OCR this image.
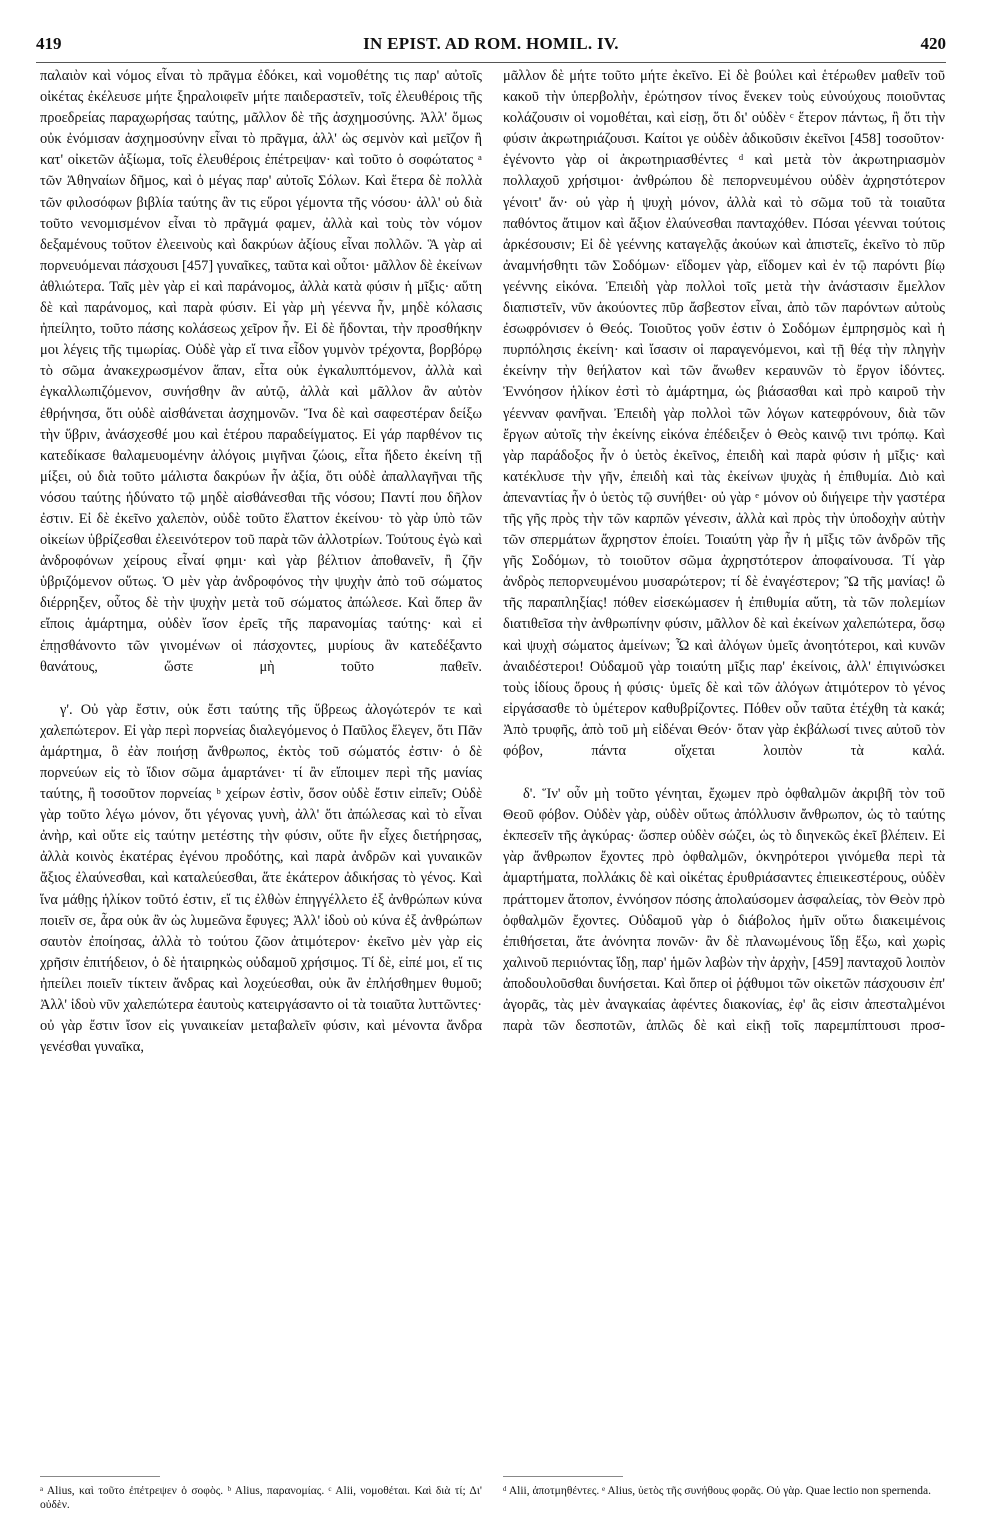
419	IN EPIST. AD ROM. HOMIL. IV.	420

παλαιὸν καὶ νόμος εἶναι τὸ πρᾶγμα ἐδόκει, καὶ νομοθέτης τις παρ' αὐτοῖς οἰκέτας ἐκέλευσε μήτε ξηραλοιφεῖν μήτε παιδεραστεῖν, τοῖς ἐλευθέροις τῆς προεδρείας παραχωρήσας ταύτης, μᾶλλον δὲ τῆς ἀσχημοσύνης. Ἀλλ' ὅμως οὐκ ἐνόμισαν ἀσχημοσύνην εἶναι τὸ πρᾶγμα, ἀλλ' ὡς σεμνὸν καὶ μεῖζον ἢ κατ' οἰκετῶν ἀξίωμα, τοῖς ἐλευθέροις ἐπέτρεψαν· καὶ τοῦτο ὁ σοφώτατος ᵃ τῶν Ἀθηναίων δῆμος, καὶ ὁ μέγας παρ' αὐτοῖς Σόλων. Καὶ ἕτερα δὲ πολλὰ τῶν φιλοσόφων βιβλία ταύτης ἂν τις εὕροι γέμοντα τῆς νόσου· ἀλλ' οὐ διὰ τοῦτο νενομισμένον εἶναι τὸ πρᾶγμά φαμεν, ἀλλὰ καὶ τοὺς τὸν νόμον δεξαμένους τοῦτον ἐλεεινοὺς καὶ δακρύων ἀξίους εἶναι πολλῶν. Ἃ γὰρ αἱ πορνευόμεναι πάσχουσι [457] γυναῖκες, ταῦτα καὶ οὗτοι· μᾶλλον δὲ ἐκείνων ἀθλιώτερα. Ταῖς μὲν γὰρ εἰ καὶ παράνομος, ἀλλὰ κατὰ φύσιν ἡ μῖξις· αὕτη δὲ καὶ παράνομος, καὶ παρὰ φύσιν. Εἰ γὰρ μὴ γέεννα ἦν, μηδὲ κόλασις ἠπείλητο, τοῦτο πάσης κολάσεως χεῖρον ἦν. Εἰ δὲ ἥδονται, τὴν προσθήκην μοι λέγεις τῆς τιμωρίας. Οὐδὲ γὰρ εἴ τινα εἶδον γυμνὸν τρέχοντα, βορβόρῳ τὸ σῶμα ἀνακεχρωσμένον ἅπαν, εἶτα οὐκ ἐγκαλυπτόμενον, ἀλλὰ καὶ ἐγκαλλωπιζόμενον, συνήσθην ἂν αὐτῷ, ἀλλὰ καὶ μᾶλλον ἂν αὐτὸν ἐθρήνησα, ὅτι οὐδὲ αἰσθάνεται ἀσχημονῶν. Ἵνα δὲ καὶ σαφεστέραν δείξω τὴν ὕβριν, ἀνάσχεσθέ μου καὶ ἑτέρου παραδείγματος. Εἰ γάρ παρθένον τις κατεδίκασε θαλαμευομένην ἀλόγοις μιγῆναι ζώοις, εἶτα ἥδετο ἐκείνη τῇ μίξει, οὐ διὰ τοῦτο μάλιστα δακρύων ἦν ἀξία, ὅτι οὐδὲ ἀπαλλαγῆναι τῆς νόσου ταύτης ἠδύνατο τῷ μηδὲ αἰσθάνεσθαι τῆς νόσου; Παντί που δῆλον ἐστιν. Εἰ δὲ ἐκεῖνο χαλεπὸν, οὐδὲ τοῦτο ἔλαττον ἐκείνου· τὸ γὰρ ὑπὸ τῶν οἰκείων ὑβρίζεσθαι ἐλεεινότερον τοῦ παρὰ τῶν ἀλλοτρίων. Τούτους ἐγὼ καὶ ἀνδροφόνων χείρους εἶναί φημι· καὶ γὰρ βέλτιον ἀποθανεῖν, ἢ ζῆν ὑβριζόμενον οὕτως. Ὁ μὲν γὰρ ἀνδροφόνος τὴν ψυχὴν ἀπὸ τοῦ σώματος διέρρηξεν, οὗτος δὲ τὴν ψυχὴν μετὰ τοῦ σώματος ἀπώλεσε. Καὶ ὅπερ ἂν εἴποις ἁμάρτημα, οὐδὲν ἴσον ἐρεῖς τῆς παρανομίας ταύτης· καὶ εἰ ἐπῃσθάνοντο τῶν γινομένων οἱ πάσχοντες, μυρίους ἂν κατεδέξαντο θανάτους, ὥστε μὴ τοῦτο παθεῖν.

γ'. Οὐ γὰρ ἔστιν, οὐκ ἔστι ταύτης τῆς ὕβρεως ἀλογώτερόν τε καὶ χαλεπώτερον. Εἰ γὰρ περὶ πορνείας διαλεγόμενος ὁ Παῦλος ἔλεγεν, ὅτι Πᾶν ἁμάρτημα, ὃ ἐὰν ποιήσῃ ἄνθρωπος, ἐκτὸς τοῦ σώματός ἐστιν· ὁ δὲ πορνεύων εἰς τὸ ἴδιον σῶμα ἁμαρτάνει· τί ἂν εἴποιμεν περὶ τῆς μανίας ταύτης, ἢ τοσοῦτον πορνείας ᵇ χείρων ἐστὶν, ὅσον οὐδὲ ἔστιν εἰπεῖν; Οὐδὲ γὰρ τοῦτο λέγω μόνον, ὅτι γέγονας γυνὴ, ἀλλ' ὅτι ἀπώλεσας καὶ τὸ εἶναι ἀνὴρ, καὶ οὔτε εἰς ταύτην μετέστης τὴν φύσιν, οὔτε ἣν εἶχες διετήρησας, ἀλλὰ κοινὸς ἑκατέρας ἐγένου προδότης, καὶ παρὰ ἀνδρῶν καὶ γυναικῶν ἄξιος ἐλαύνεσθαι, καὶ καταλεύεσθαι, ἅτε ἑκάτερον ἀδικήσας τὸ γένος. Καὶ ἵνα μάθῃς ἡλίκον τοῦτό ἐστιν, εἴ τις ἐλθὼν ἐπηγγέλλετο ἐξ ἀνθρώπων κύνα ποιεῖν σε, ἆρα οὐκ ἂν ὡς λυμεῶνα ἔφυγες; Ἀλλ' ἰδοὺ οὐ κύνα ἐξ ἀνθρώπων σαυτὸν ἐποίησας, ἀλλὰ τὸ τούτου ζῶον ἀτιμότερον· ἐκεῖνο μὲν γὰρ εἰς χρῆσιν ἐπιτήδειον, ὁ δὲ ἡταιρηκὼς οὐδαμοῦ χρήσιμος. Τί δὲ, εἰπέ μοι, εἴ τις ἠπείλει ποιεῖν τίκτειν ἄνδρας καὶ λοχεύεσθαι, οὐκ ἂν ἐπλήσθημεν θυμοῦ; Ἀλλ' ἰδοὺ νῦν χαλεπώτερα ἑαυτοὺς κατειργάσαντο οἱ τὰ τοιαῦτα λυττῶντες· οὐ γὰρ ἔστιν ἴσον εἰς γυναικείαν μεταβαλεῖν φύσιν, καὶ μένοντα ἄνδρα γενέσθαι γυναῖκα,

μᾶλλον δὲ μήτε τοῦτο μήτε ἐκεῖνο. Εἰ δὲ βούλει καὶ ἑτέρωθεν μαθεῖν τοῦ κακοῦ τὴν ὑπερβολὴν, ἐρώτησον τίνος ἕνεκεν τοὺς εὐνούχους ποιοῦντας κολάζουσιν οἱ νομοθέται, καὶ εἰσῃ, ὅτι δι' οὐδὲν ᶜ ἕτερον πάντως, ἢ ὅτι τὴν φύσιν ἀκρωτηριάζουσι. Καίτοι γε οὐδὲν ἀδικοῦσιν ἐκεῖνοι [458] τοσοῦτον· ἐγένοντο γὰρ οἱ ἀκρωτηριασθέντες ᵈ καὶ μετὰ τὸν ἀκρωτηριασμὸν πολλαχοῦ χρήσιμοι· ἀνθρώπου δὲ πεπορνευμένου οὐδὲν ἀχρηστότερον γένοιτ' ἄν· οὐ γὰρ ἡ ψυχὴ μόνον, ἀλλὰ καὶ τὸ σῶμα τοῦ τὰ τοιαῦτα παθόντος ἄτιμον καὶ ἄξιον ἐλαύνεσθαι πανταχόθεν. Πόσαι γέενναι τούτοις ἀρκέσουσιν; Εἰ δὲ γεέννης καταγελᾷς ἀκούων καὶ ἀπιστεῖς, ἐκεῖνο τὸ πῦρ ἀναμνήσθητι τῶν Σοδόμων· εἴδομεν γὰρ, εἴδομεν καὶ ἐν τῷ παρόντι βίῳ γεέννης εἰκόνα. Ἐπειδὴ γὰρ πολλοὶ τοῖς μετὰ τὴν ἀνάστασιν ἔμελλον διαπιστεῖν, νῦν ἀκούοντες πῦρ ἄσβεστον εἶναι, ἀπὸ τῶν παρόντων αὐτοὺς ἐσωφρόνισεν ὁ Θεός. Τοιοῦτος γοῦν ἐστιν ὁ Σοδόμων ἐμπρησμὸς καὶ ἡ πυρπόλησις ἐκείνη· καὶ ἴσασιν οἱ παραγενόμενοι, καὶ τῇ θέᾳ τὴν πληγὴν ἐκείνην τὴν θεήλατον καὶ τῶν ἄνωθεν κεραυνῶν τὸ ἔργον ἰδόντες. Ἐννόησον ἡλίκον ἐστὶ τὸ ἁμάρτημα, ὡς βιάσασθαι καὶ πρὸ καιροῦ τὴν γέενναν φανῆναι. Ἐπειδὴ γὰρ πολλοὶ τῶν λόγων κατεφρόνουν, διὰ τῶν ἔργων αὐτοῖς τὴν ἐκείνης εἰκόνα ἐπέδειξεν ὁ Θεὸς καινῷ τινι τρόπῳ. Καὶ γὰρ παράδοξος ἦν ὁ ὑετὸς ἐκεῖνος, ἐπειδὴ καὶ παρὰ φύσιν ἡ μῖξις· καὶ κατέκλυσε τὴν γῆν, ἐπειδὴ καὶ τὰς ἐκείνων ψυχὰς ἡ ἐπιθυμία. Διὸ καὶ ἀπεναντίας ἦν ὁ ὑετὸς τῷ συνήθει· οὐ γὰρ ᵉ μόνον οὐ διήγειρε τὴν γαστέρα τῆς γῆς πρὸς τὴν τῶν καρπῶν γένεσιν, ἀλλὰ καὶ πρὸς τὴν ὑποδοχὴν αὐτὴν τῶν σπερμάτων ἄχρηστον ἐποίει. Τοιαύτη γὰρ ἦν ἡ μῖξις τῶν ἀνδρῶν τῆς γῆς Σοδόμων, τὸ τοιοῦτον σῶμα ἀχρηστότερον ἀποφαίνουσα. Τί γὰρ ἀνδρὸς πεπορνευμένου μυσαρώτερον; τί δὲ ἐναγέστερον; Ὢ τῆς μανίας! ὢ τῆς παραπληξίας! πόθεν εἰσεκώμασεν ἡ ἐπιθυμία αὕτη, τὰ τῶν πολεμίων διατιθεῖσα τὴν ἀνθρωπίνην φύσιν, μᾶλλον δὲ καὶ ἐκείνων χαλεπώτερα, ὅσῳ καὶ ψυχὴ σώματος ἀμείνων; Ὦ καὶ ἀλόγων ὑμεῖς ἀνοητότεροι, καὶ κυνῶν ἀναιδέστεροι! Οὐδαμοῦ γὰρ τοιαύτη μῖξις παρ' ἐκείνοις, ἀλλ' ἐπιγινώσκει τοὺς ἰδίους ὅρους ἡ φύσις· ὑμεῖς δὲ καὶ τῶν ἀλόγων ἀτιμότερον τὸ γένος εἰργάσασθε τὸ ὑμέτερον καθυβρίζοντες. Πόθεν οὖν ταῦτα ἐτέχθη τὰ κακά; Ἀπὸ τρυφῆς, ἀπὸ τοῦ μὴ εἰδέναι Θεόν· ὅταν γὰρ ἐκβάλωσί τινες αὐτοῦ τὸν φόβον, πάντα οἴχεται λοιπὸν τὰ καλά.

δ'. Ἵν' οὖν μὴ τοῦτο γένηται, ἔχωμεν πρὸ ὀφθαλμῶν ἀκριβῆ τὸν τοῦ Θεοῦ φόβον. Οὐδὲν γὰρ, οὐδὲν οὕτως ἀπόλλυσιν ἄνθρωπον, ὡς τὸ ταύτης ἐκπεσεῖν τῆς ἀγκύρας· ὥσπερ οὐδὲν σώζει, ὡς τὸ διηνεκῶς ἐκεῖ βλέπειν. Εἰ γὰρ ἄνθρωπον ἔχοντες πρὸ ὀφθαλμῶν, ὀκνηρότεροι γινόμεθα περὶ τὰ ἁμαρτήματα, πολλάκις δὲ καὶ οἰκέτας ἐρυθριάσαντες ἐπιεικεστέρους, οὐδὲν πράττομεν ἄτοπον, ἐννόησον πόσης ἀπολαύσομεν ἀσφαλείας, τὸν Θεὸν πρὸ ὀφθαλμῶν ἔχοντες. Οὐδαμοῦ γὰρ ὁ διάβολος ἡμῖν οὕτω διακειμένοις ἐπιθήσεται, ἅτε ἀνόνητα πονῶν· ἂν δὲ πλανωμένους ἴδῃ ἔξω, καὶ χωρὶς χαλινοῦ περιιόντας ἴδῃ, παρ' ἡμῶν λαβὼν τὴν ἀρχὴν, [459] πανταχοῦ λοιπὸν ἀποδουλοῦσθαι δυνήσεται. Καὶ ὅπερ οἱ ῥᾴθυμοι τῶν οἰκετῶν πάσχουσιν ἐπ' ἀγορᾶς, τὰς μὲν ἀναγκαίας ἀφέντες διακονίας, ἐφ' ἃς εἰσιν ἀπεσταλμένοι παρὰ τῶν δεσποτῶν, ἁπλῶς δὲ καὶ εἰκῇ τοῖς παρεμπίπτουσι προσ-

ᵃ Alius, καὶ τοῦτο ἐπέτρεψεν ὁ σοφὸς. ᵇ Alius, παρανομίας. ᶜ Alii, νομοθέται. Καὶ διὰ τί; Δι' οὐδὲν.
ᵈ Alii, ἀποτμηθέντες. ᵉ Alius, ὑετὸς τῆς συνήθους φορᾶς. Οὐ γὰρ. Quae lectio non spernenda.
